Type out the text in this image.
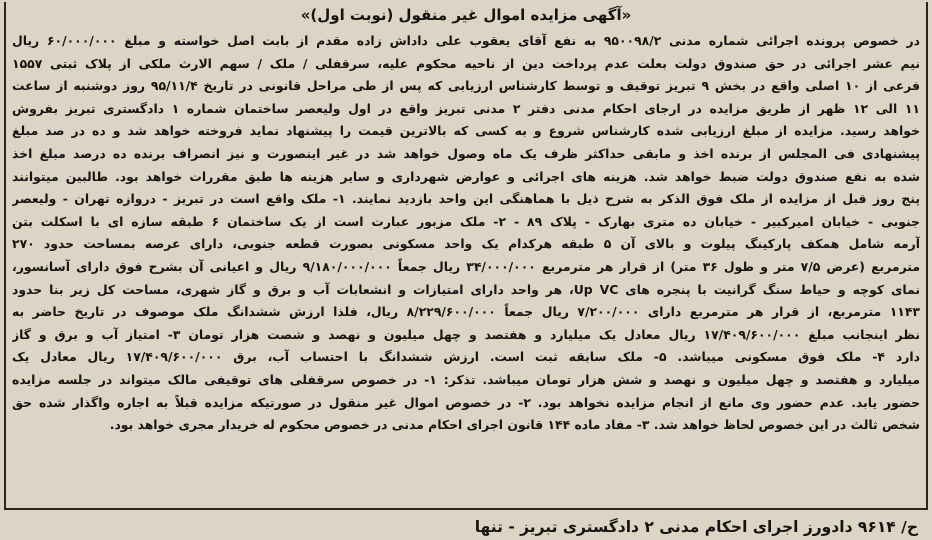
«آگهی مزایده اموال غیر منقول (نوبت اول)»
در خصوص پرونده اجرائی شماره مدنی ۹۵۰۰۹۸/۲ به نفع آقای یعقوب علی داداش زاده مقدم از بابت اصل خواسته و مبلغ ۶۰/۰۰۰/۰۰۰ ریال
نیم عشر اجرائی در حق صندوق دولت بعلت عدم پرداخت دین از ناحیه محکوم علیه، سرقفلی / ملک / سهم الارث ملکی از پلاک ثبتی ۱۵۵۷
فرعی از ۱۰ اصلی واقع در بخش ۹ تبریز توقیف و توسط کارشناس ارزیابی که پس از طی مراحل قانونی در تاریخ ۹۵/۱۱/۴ روز دوشنبه از ساعت
۱۱ الی ۱۲ ظهر از طریق مزایده در ارجای احکام مدنی دفتر ۲ مدنی تبریز واقع در اول ولیعصر ساختمان شماره ۱ دادگستری تبریز بفروش
خواهد رسید. مزایده از مبلغ ارزیابی شده کارشناس شروع و به کسی که بالاترین قیمت را پیشنهاد نماید فروخته خواهد شد و ده در صد مبلغ
پیشنهادی فی المجلس از برنده اخذ و مابقی حداکثر ظرف یک ماه وصول خواهد شد در غیر اینصورت و نیز انصراف برنده ده درصد مبلغ اخذ
شده به نفع صندوق دولت ضبط خواهد شد. هزینه های اجرائی و عوارض شهرداری و سایر هزینه ها طبق مقررات خواهد بود. طالبین میتوانند
پنج روز قبل از مزایده از ملک فوق الذکر به شرح ذیل با هماهنگی این واحد بازدید نمایند. ۱- ملک واقع است در تبریز - دروازه تهران - ولیعصر
جنوبی - خیابان امیرکبیر - خیابان ده متری بهارک - پلاک ۸۹ - ۲- ملک مزبور عبارت است از یک ساختمان ۶ طبقه سازه ای با اسکلت بتن
آرمه شامل همکف پارکینگ پیلوت و بالای آن ۵ طبقه هرکدام یک واحد مسکونی بصورت قطعه جنوبی، دارای عرصه بمساحت حدود ۲۷۰
مترمربع (عرض ۷/۵ متر و طول ۳۶ متر) از قرار هر مترمربع ۳۴/۰۰۰/۰۰۰ ریال جمعاً ۹/۱۸۰/۰۰۰/۰۰۰ ریال و اعیانی آن بشرح فوق دارای آسانسور،
نمای کوچه و حیاط سنگ گرانیت با پنجره های Up VC، هر واحد دارای امتیازات و انشعابات آب و برق و گاز شهری، مساحت کل زیر بنا حدود
۱۱۴۳ مترمربع، از قرار هر مترمربع دارای ۷/۲۰۰/۰۰۰ ریال جمعاً ۸/۲۲۹/۶۰۰/۰۰۰ ریال، فلذا ارزش ششدانگ ملک موصوف در تاریخ حاضر به
نظر اینجانب مبلغ ۱۷/۴۰۹/۶۰۰/۰۰۰ ریال معادل یک میلیارد و هفتصد و چهل میلیون و نهصد و شصت هزار تومان ۳- امتیاز آب و برق و گاز
دارد ۴- ملک فوق مسکونی میباشد. ۵- ملک سابقه ثبت است. ارزش ششدانگ با احتساب آب، برق ۱۷/۴۰۹/۶۰۰/۰۰۰ ریال معادل یک
میلیارد و هفتصد و چهل میلیون و نهصد و شش هزار تومان میباشد. تذکر: ۱- در خصوص سرقفلی های توقیفی مالک میتواند در جلسه مزایده
حضور یابد. عدم حضور وی مانع از انجام مزایده نخواهد بود. ۲- در خصوص اموال غیر منقول در صورتیکه مزایده قبلاً به اجاره واگذار شده حق
شخص ثالث در این خصوص لحاظ خواهد شد. ۳- مفاد ماده ۱۴۴ قانون اجرای احکام مدنی در خصوص محکوم له خریدار مجری خواهد بود.
ح/ ۹۶۱۴ دادورز اجرای احکام مدنی ۲ دادگستری تبریز - تنها
